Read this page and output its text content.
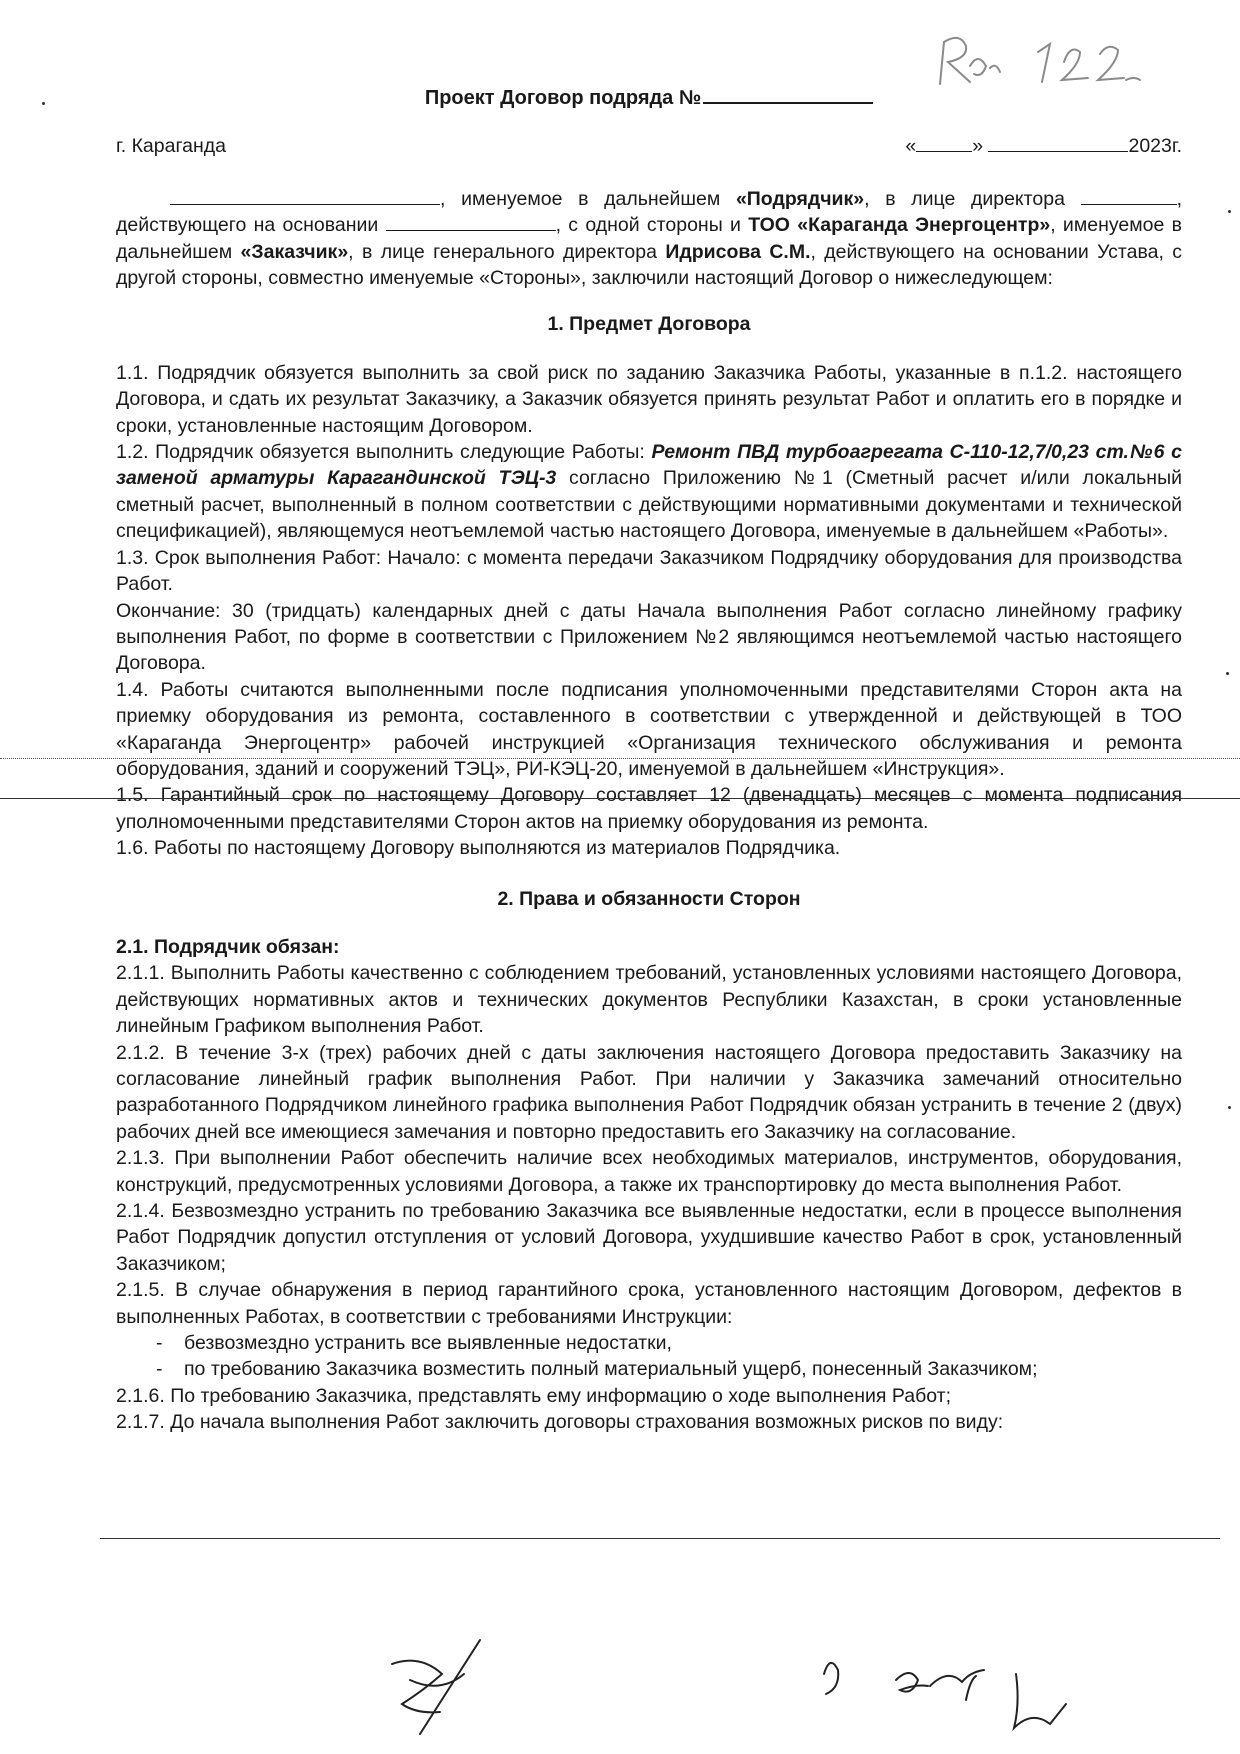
Проект Договор подряда №

г. Караганда	«	»	2023г.

, именуемое в дальнейшем «Подрядчик», в лице директора	, действующего на основании	, с одной стороны и ТОО «Караганда Энергоцентр», именуемое в дальнейшем «Заказчик», в лице генерального директора Идрисова С.М., действующего на основании Устава, с другой стороны, совместно именуемые «Стороны», заключили настоящий Договор о нижеследующем:

1. Предмет Договора

1.1. Подрядчик обязуется выполнить за свой риск по заданию Заказчика Работы, указанные в п.1.2. настоящего Договора, и сдать их результат Заказчику, а Заказчик обязуется принять результат Работ и оплатить его в порядке и сроки, установленные настоящим Договором.

1.2. Подрядчик обязуется выполнить следующие Работы: Ремонт ПВД турбоагрегата С-110-12,7/0,23 ст.№6 с заменой арматуры Карагандинской ТЭЦ-3 согласно Приложению №1 (Сметный расчет и/или локальный сметный расчет, выполненный в полном соответствии с действующими нормативными документами и технической спецификацией), являющемуся неотъемлемой частью настоящего Договора, именуемые в дальнейшем «Работы».

1.3. Срок выполнения Работ: Начало: с момента передачи Заказчиком Подрядчику оборудования для производства Работ.

Окончание: 30 (тридцать) календарных дней с даты Начала выполнения Работ согласно линейному графику выполнения Работ, по форме в соответствии с Приложением №2 являющимся неотъемлемой частью настоящего Договора.

1.4. Работы считаются выполненными после подписания уполномоченными представителями Сторон акта на приемку оборудования из ремонта, составленного в соответствии с утвержденной и действующей в ТОО «Караганда Энергоцентр» рабочей инструкцией «Организация технического обслуживания и ремонта оборудования, зданий и сооружений ТЭЦ», РИ-КЭЦ-20, именуемой в дальнейшем «Инструкция».

1.5. Гарантийный срок по настоящему Договору составляет 12 (двенадцать) месяцев с момента подписания уполномоченными представителями Сторон актов на приемку оборудования из ремонта.

1.6. Работы по настоящему Договору выполняются из материалов Подрядчика.

2. Права и обязанности Сторон

2.1. Подрядчик обязан:

2.1.1. Выполнить Работы качественно с соблюдением требований, установленных условиями настоящего Договора, действующих нормативных актов и технических документов Республики Казахстан, в сроки установленные линейным Графиком выполнения Работ.

2.1.2. В течение 3-х (трех) рабочих дней с даты заключения настоящего Договора предоставить Заказчику на согласование линейный график выполнения Работ. При наличии у Заказчика замечаний относительно разработанного Подрядчиком линейного графика выполнения Работ Подрядчик обязан устранить в течение 2 (двух) рабочих дней все имеющиеся замечания и повторно предоставить его Заказчику на согласование.

2.1.3. При выполнении Работ обеспечить наличие всех необходимых материалов, инструментов, оборудования, конструкций, предусмотренных условиями Договора, а также их транспортировку до места выполнения Работ.

2.1.4. Безвозмездно устранить по требованию Заказчика все выявленные недостатки, если в процессе выполнения Работ Подрядчик допустил отступления от условий Договора, ухудшившие качество Работ в срок, установленный Заказчиком;

2.1.5. В случае обнаружения в период гарантийного срока, установленного настоящим Договором, дефектов в выполненных Работах, в соответствии с требованиями Инструкции:

-	безвозмездно устранить все выявленные недостатки,
-	по требованию Заказчика возместить полный материальный ущерб, понесенный Заказчиком;

2.1.6. По требованию Заказчика, представлять ему информацию о ходе выполнения Работ;

2.1.7. До начала выполнения Работ заключить договоры страхования возможных рисков по виду:
